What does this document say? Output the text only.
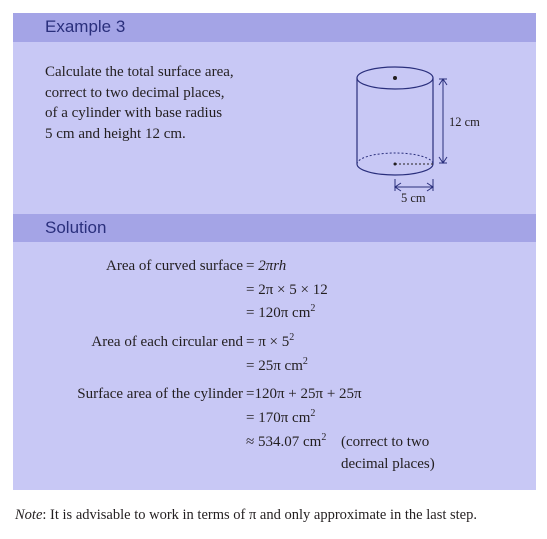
Example 3
Calculate the total surface area,
correct to two decimal places,
of a cylinder with base radius
5 cm and height 12 cm.
12 cm
5 cm
Solution
Area of curved surface = 2πrh
= 2π × 5 × 12
= 120π $cm^2$
Area of each circular end = $\pi \times 5^2$
= 25π $cm^2$
Surface area of the cylinder =120π + 25π + 25π
= 170π $cm^2$
≈ 534.07 $cm^2$ (correct to two
decimal places)
Note: It is advisable to work in terms of π and only approximate in the last step.
